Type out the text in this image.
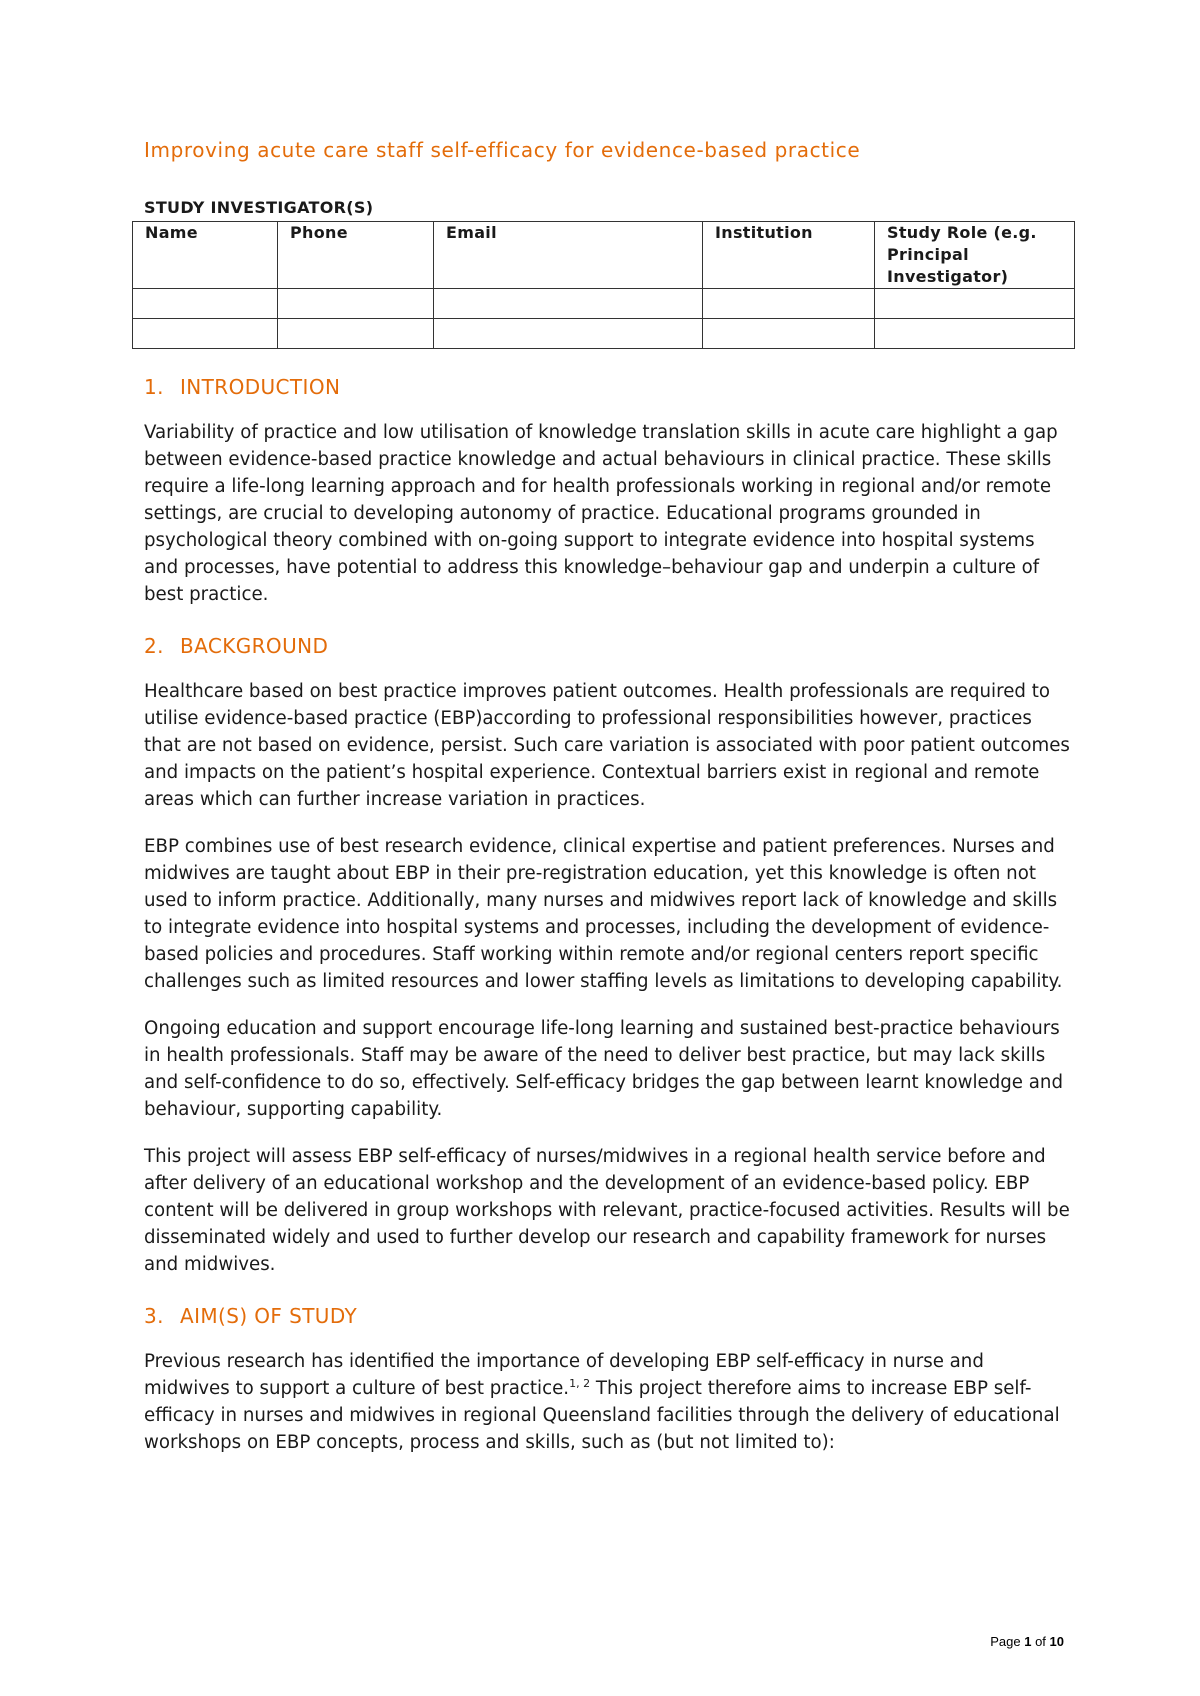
Improving acute care staff self-efficacy for evidence-based practice
STUDY INVESTIGATOR(S)
Name	Phone	Email	Institution	Study Role (e.g. Principal Investigator)

1. INTRODUCTION

Variability of practice and low utilisation of knowledge translation skills in acute care highlight a gap between evidence-based practice knowledge and actual behaviours in clinical practice. These skills require a life-long learning approach and for health professionals working in regional and/or remote settings, are crucial to developing autonomy of practice. Educational programs grounded in psychological theory combined with on-going support to integrate evidence into hospital systems and processes, have potential to address this knowledge–behaviour gap and underpin a culture of best practice.

2. BACKGROUND

Healthcare based on best practice improves patient outcomes. Health professionals are required to utilise evidence-based practice (EBP)according to professional responsibilities however, practices that are not based on evidence, persist. Such care variation is associated with poor patient outcomes and impacts on the patient’s hospital experience. Contextual barriers exist in regional and remote areas which can further increase variation in practices.

EBP combines use of best research evidence, clinical expertise and patient preferences. Nurses and midwives are taught about EBP in their pre-registration education, yet this knowledge is often not used to inform practice. Additionally, many nurses and midwives report lack of knowledge and skills to integrate evidence into hospital systems and processes, including the development of evidence-based policies and procedures. Staff working within remote and/or regional centers report specific challenges such as limited resources and lower staffing levels as limitations to developing capability.

Ongoing education and support encourage life-long learning and sustained best-practice behaviours in health professionals. Staff may be aware of the need to deliver best practice, but may lack skills and self-confidence to do so, effectively. Self-efficacy bridges the gap between learnt knowledge and behaviour, supporting capability.

This project will assess EBP self-efficacy of nurses/midwives in a regional health service before and after delivery of an educational workshop and the development of an evidence-based policy. EBP content will be delivered in group workshops with relevant, practice-focused activities. Results will be disseminated widely and used to further develop our research and capability framework for nurses and midwives.

3. AIM(S) OF STUDY

Previous research has identified the importance of developing EBP self-efficacy in nurse and midwives to support a culture of best practice.$^{1, 2}$ This project therefore aims to increase EBP self-efficacy in nurses and midwives in regional Queensland facilities through the delivery of educational workshops on EBP concepts, process and skills, such as (but not limited to):

Page 1 of 10
